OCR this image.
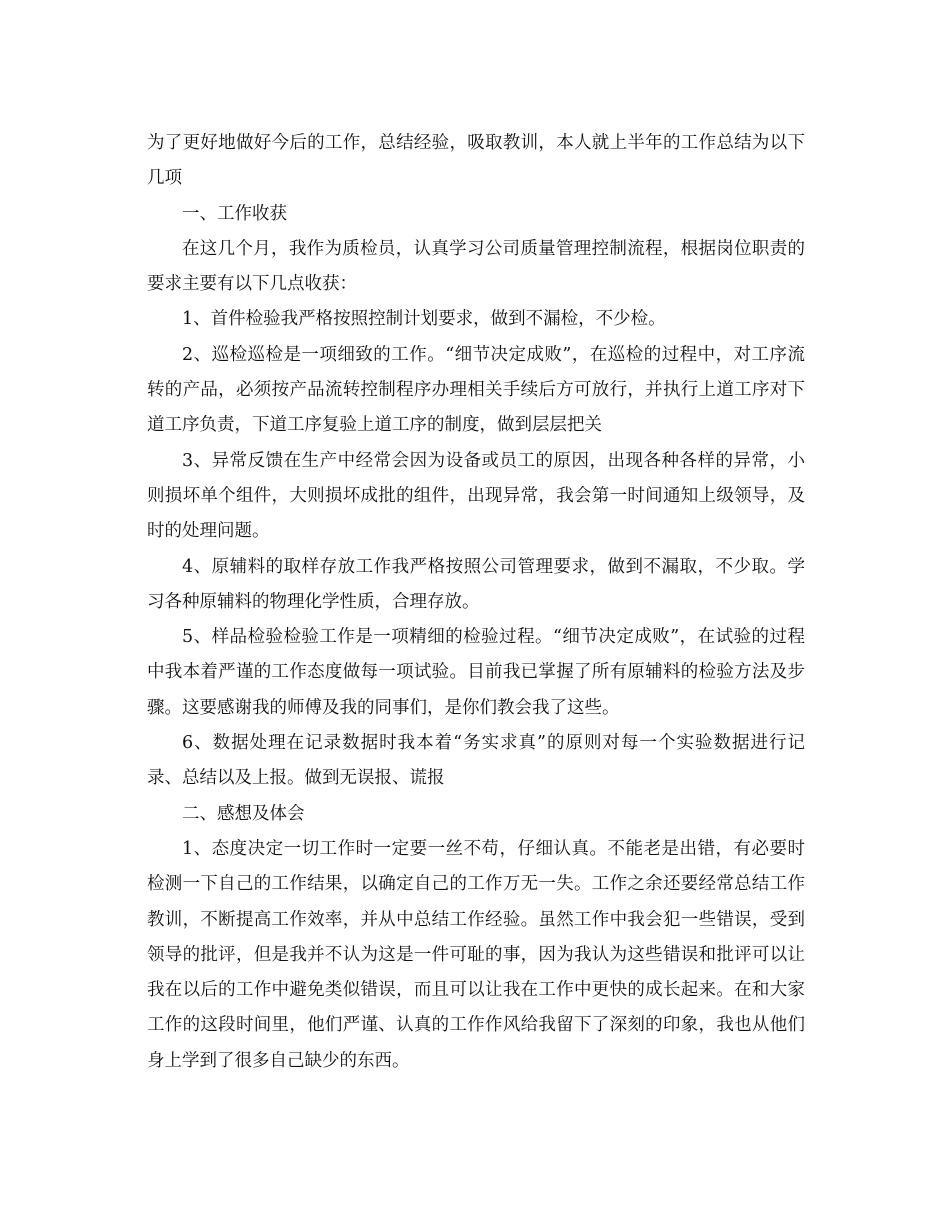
为了更好地做好今后的工作，总结经验，吸取教训，本人就上半年的工作总结为以下几项

一、工作收获

在这几个月，我作为质检员，认真学习公司质量管理控制流程，根据岗位职责的要求主要有以下几点收获：

1、首件检验我严格按照控制计划要求，做到不漏检，不少检。

2、巡检巡检是一项细致的工作。“细节决定成败”，在巡检的过程中，对工序流转的产品，必须按产品流转控制程序办理相关手续后方可放行，并执行上道工序对下道工序负责，下道工序复验上道工序的制度，做到层层把关

3、异常反馈在生产中经常会因为设备或员工的原因，出现各种各样的异常，小则损坏单个组件，大则损坏成批的组件，出现异常，我会第一时间通知上级领导，及时的处理问题。

4、原辅料的取样存放工作我严格按照公司管理要求，做到不漏取，不少取。学习各种原辅料的物理化学性质，合理存放。

5、样品检验检验工作是一项精细的检验过程。“细节决定成败”，在试验的过程中我本着严谨的工作态度做每一项试验。目前我已掌握了所有原辅料的检验方法及步骤。这要感谢我的师傅及我的同事们，是你们教会我了这些。

6、数据处理在记录数据时我本着“务实求真”的原则对每一个实验数据进行记录、总结以及上报。做到无误报、谎报

二、感想及体会

1、态度决定一切工作时一定要一丝不苟，仔细认真。不能老是出错，有必要时检测一下自己的工作结果，以确定自己的工作万无一失。工作之余还要经常总结工作教训，不断提高工作效率，并从中总结工作经验。虽然工作中我会犯一些错误，受到领导的批评，但是我并不认为这是一件可耻的事，因为我认为这些错误和批评可以让我在以后的工作中避免类似错误，而且可以让我在工作中更快的成长起来。在和大家工作的这段时间里，他们严谨、认真的工作作风给我留下了深刻的印象，我也从他们身上学到了很多自己缺少的东西。
